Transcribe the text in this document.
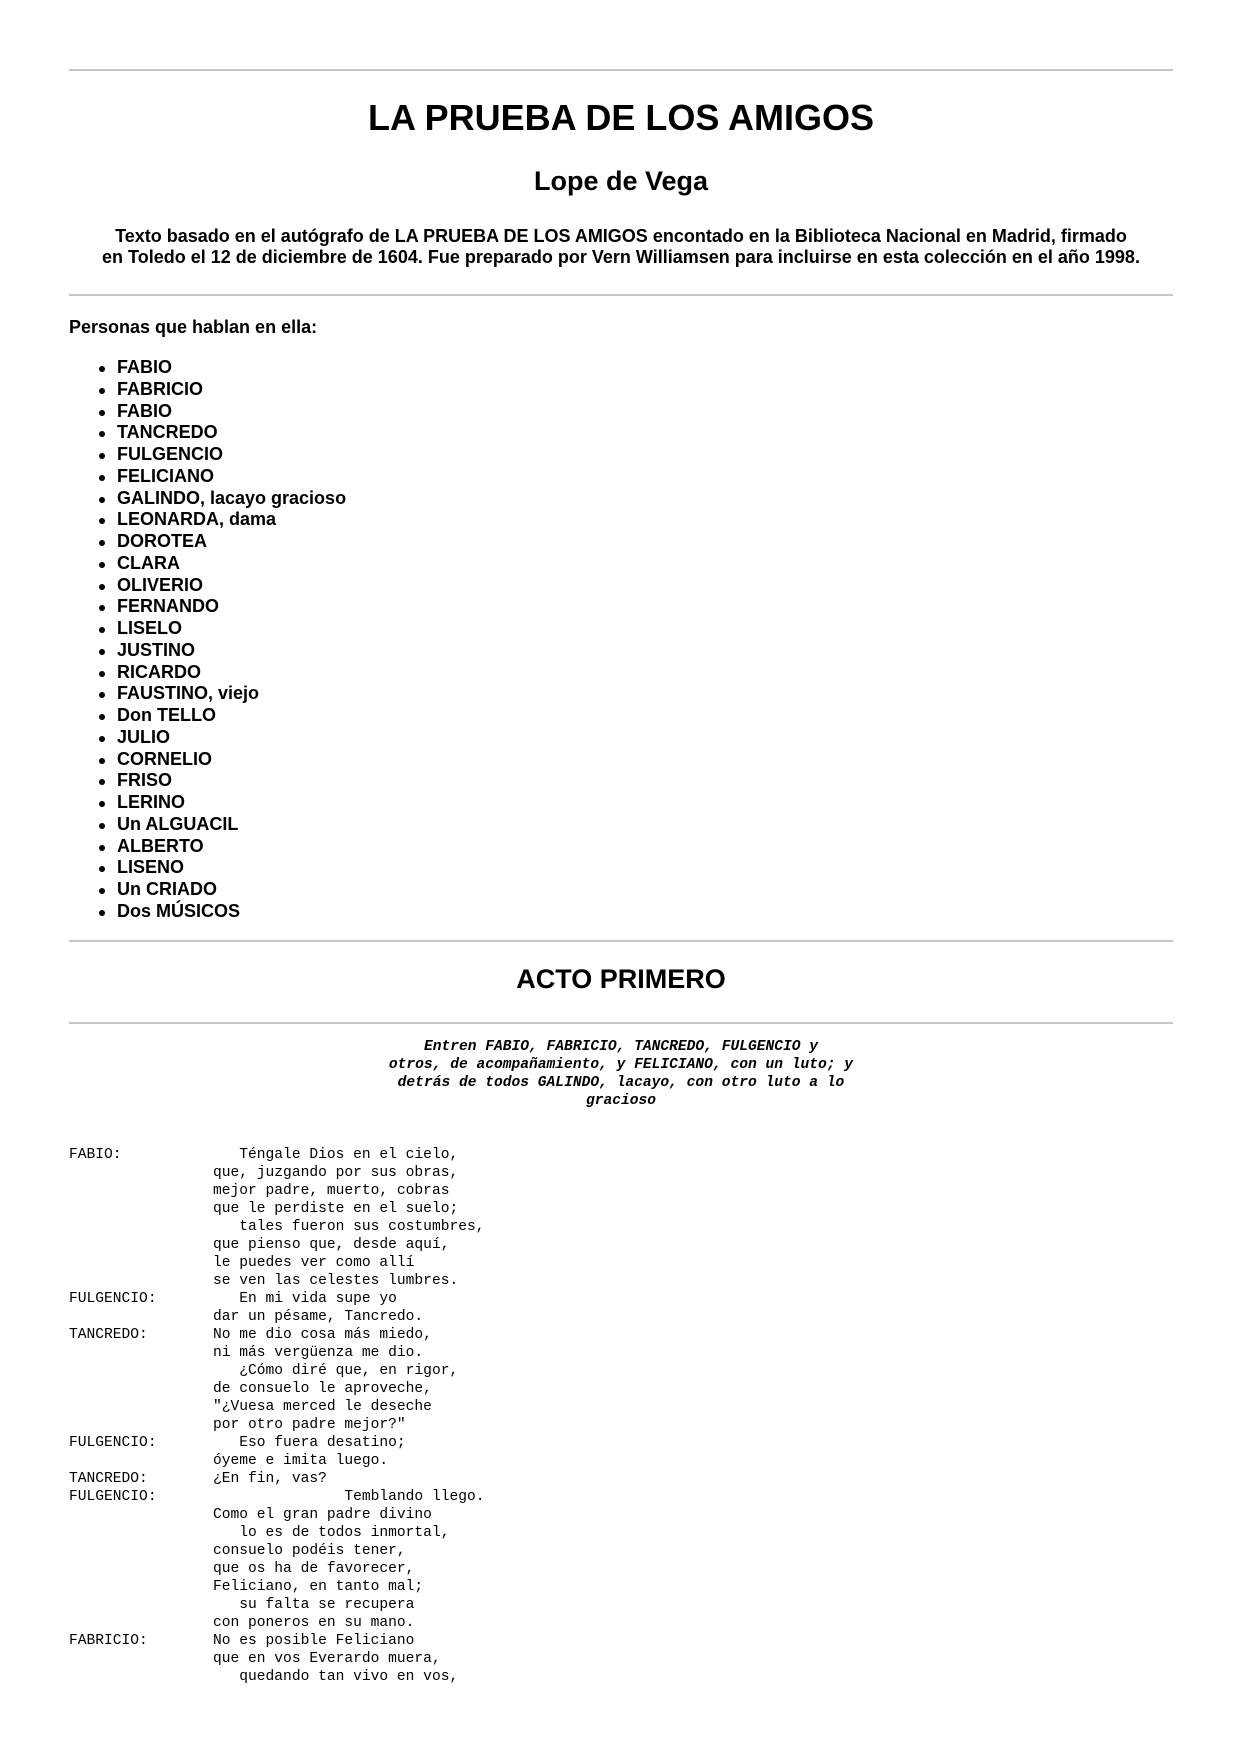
LA PRUEBA DE LOS AMIGOS
Lope de Vega
Texto basado en el autógrafo de LA PRUEBA DE LOS AMIGOS encontado en la Biblioteca Nacional en Madrid, firmado
en Toledo el 12 de diciembre de 1604. Fue preparado por Vern Williamsen para incluirse en esta colección en el año 1998.

Personas que hablan en ella:

FABIO
FABRICIO
FABIO
TANCREDO
FULGENCIO
FELICIANO
GALINDO, lacayo gracioso
LEONARDA, dama
DOROTEA
CLARA
OLIVERIO
FERNANDO
LISELO
JUSTINO
RICARDO
FAUSTINO, viejo
Don TELLO
JULIO
CORNELIO
FRISO
LERINO
Un ALGUACIL
ALBERTO
LISENO
Un CRIADO
Dos MÚSICOS
ACTO PRIMERO
Entren FABIO, FABRICIO, TANCREDO, FULGENCIO y
otros, de acompañamiento, y FELICIANO, con un luto; y
detrás de todos GALINDO, lacayo, con otro luto a lo
gracioso
FABIO:	Téngale Dios en el cielo,
que, juzgando por sus obras,
mejor padre, muerto, cobras
que le perdiste en el suelo;
tales fueron sus costumbres,
que pienso que, desde aquí,
le puedes ver como allí
se ven las celestes lumbres.
FULGENCIO:	En mi vida supe yo
dar un pésame, Tancredo.
TANCREDO:	No me dio cosa más miedo,
ni más vergüenza me dio.
¿Cómo diré que, en rigor,
de consuelo le aproveche,
"¿Vuesa merced le deseche
por otro padre mejor?"
FULGENCIO:	Eso fuera desatino;
óyeme e imita luego.
TANCREDO:	¿En fin, vas?
FULGENCIO:	Temblando llego.
Como el gran padre divino
lo es de todos inmortal,
consuelo podéis tener,
que os ha de favorecer,
Feliciano, en tanto mal;
su falta se recupera
con poneros en su mano.
FABRICIO:	No es posible Feliciano
que en vos Everardo muera,
quedando tan vivo en vos,
